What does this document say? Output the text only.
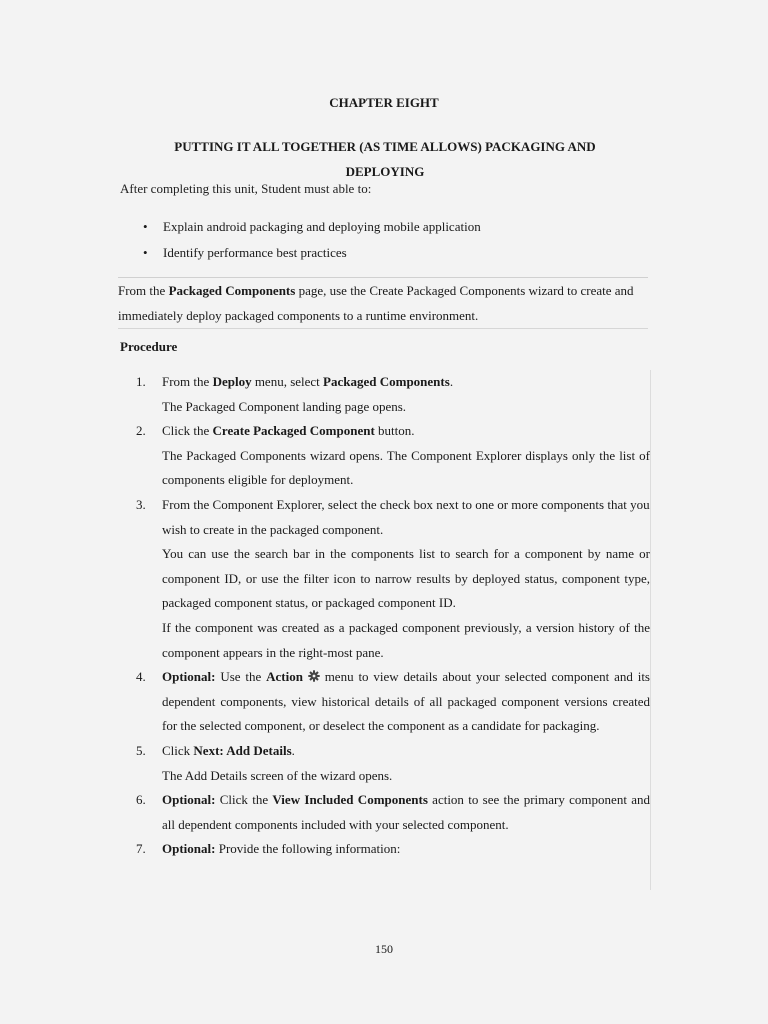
CHAPTER EIGHT
PUTTING IT ALL TOGETHER (AS TIME ALLOWS) PACKAGING AND DEPLOYING
After completing this unit, Student must able to:
• Explain android packaging and deploying mobile application
• Identify performance best practices
From the Packaged Components page, use the Create Packaged Components wizard to create and immediately deploy packaged components to a runtime environment.
Procedure
1.	From the Deploy menu, select Packaged Components.
The Packaged Component landing page opens.
2.	Click the Create Packaged Component button.
The Packaged Components wizard opens. The Component Explorer displays only the list of components eligible for deployment.
3.	From the Component Explorer, select the check box next to one or more components that you wish to create in the packaged component.
You can use the search bar in the components list to search for a component by name or component ID, or use the filter icon to narrow results by deployed status, component type, packaged component status, or packaged component ID.
If the component was created as a packaged component previously, a version history of the component appears in the right-most pane.
4.	Optional: Use the Action  menu to view details about your selected component and its dependent components, view historical details of all packaged component versions created for the selected component, or deselect the component as a candidate for packaging.
5.	Click Next: Add Details.
The Add Details screen of the wizard opens.
6.	Optional: Click the View Included Components action to see the primary component and all dependent components included with your selected component.
7.	Optional: Provide the following information:
150
